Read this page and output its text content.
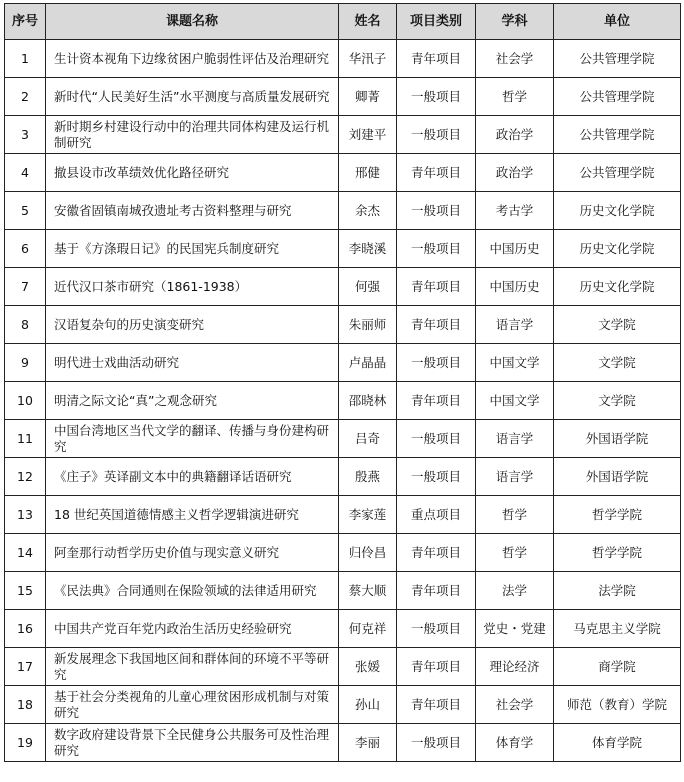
序号	课题名称	姓名	项目类别	学科	单位
1	生计资本视角下边缘贫困户脆弱性评估及治理研究	华汛子	青年项目	社会学	公共管理学院
2	新时代“人民美好生活”水平测度与高质量发展研究	卿菁	一般项目	哲学	公共管理学院
3	新时期乡村建设行动中的治理共同体构建及运行机制研究	刘建平	一般项目	政治学	公共管理学院
4	撤县设市改革绩效优化路径研究	邢健	青年项目	政治学	公共管理学院
5	安徽省固镇南城孜遗址考古资料整理与研究	余杰	一般项目	考古学	历史文化学院
6	基于《方涤瑕日记》的民国宪兵制度研究	李晓溪	一般项目	中国历史	历史文化学院
7	近代汉口茶市研究（1861-1938）	何强	青年项目	中国历史	历史文化学院
8	汉语复杂句的历史演变研究	朱丽师	青年项目	语言学	文学院
9	明代进士戏曲活动研究	卢晶晶	一般项目	中国文学	文学院
10	明清之际文论“真”之观念研究	邵晓林	青年项目	中国文学	文学院
11	中国台湾地区当代文学的翻译、传播与身份建构研究	吕奇	一般项目	语言学	外国语学院
12	《庄子》英译副文本中的典籍翻译话语研究	殷燕	一般项目	语言学	外国语学院
13	18 世纪英国道德情感主义哲学逻辑演进研究	李家莲	重点项目	哲学	哲学学院
14	阿奎那行动哲学历史价值与现实意义研究	归伶昌	青年项目	哲学	哲学学院
15	《民法典》合同通则在保险领域的法律适用研究	蔡大顺	青年项目	法学	法学院
16	中国共产党百年党内政治生活历史经验研究	何克祥	一般项目	党史・党建	马克思主义学院
17	新发展理念下我国地区间和群体间的环境不平等研究	张媛	青年项目	理论经济	商学院
18	基于社会分类视角的儿童心理贫困形成机制与对策研究	孙山	青年项目	社会学	师范（教育）学院
19	数字政府建设背景下全民健身公共服务可及性治理研究	李丽	一般项目	体育学	体育学院
